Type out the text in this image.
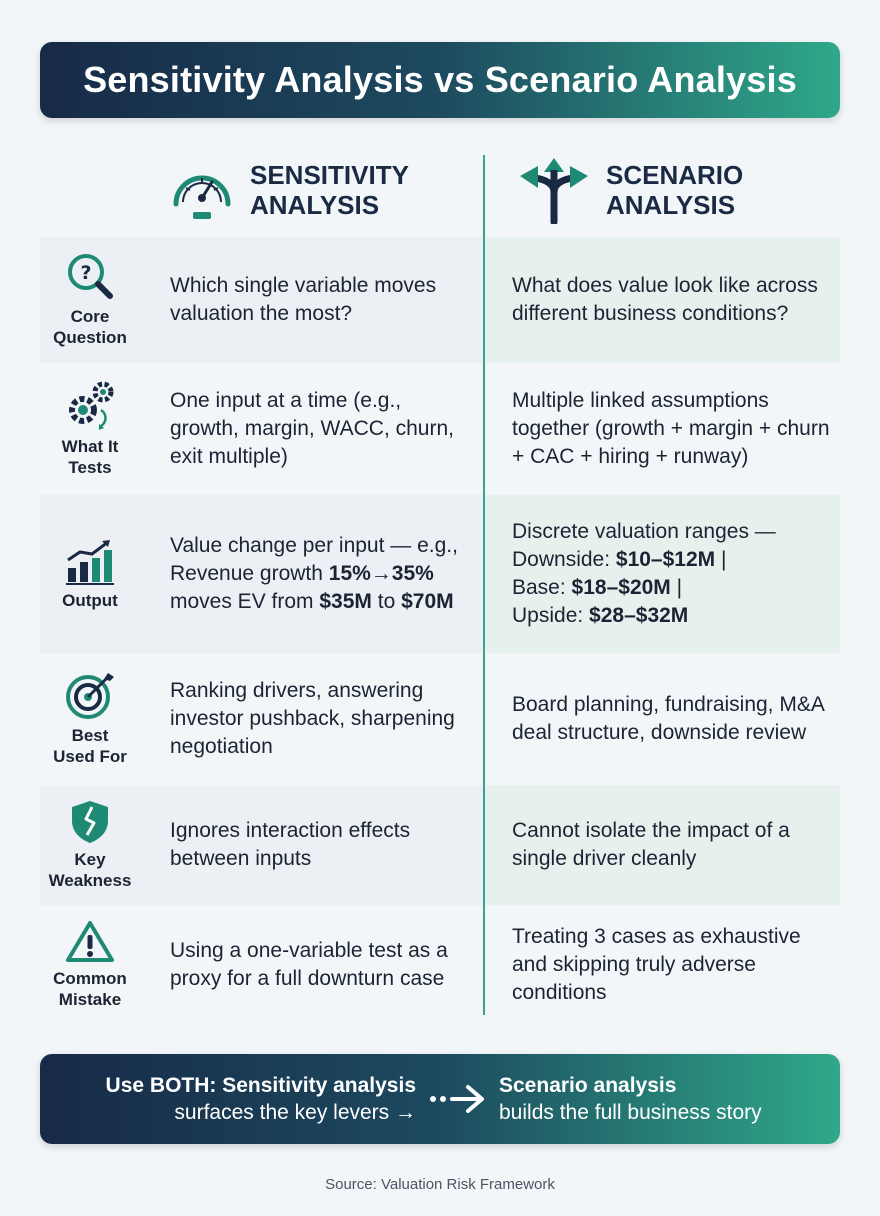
Sensitivity Analysis vs Scenario Analysis
SENSITIVITY
ANALYSIS
SCENARIO
ANALYSIS
?
Core
Question

Which single variable moves valuation the most?

What does value look like across different business conditions?

What It
Tests

One input at a time (e.g., growth, margin, WACC, churn, exit multiple)

Multiple linked assumptions together (growth + margin + churn + CAC + hiring + runway)

Output

Value change per input — e.g., Revenue growth 15%→35% moves EV from $35M to $70M

Discrete valuation ranges —
Downside: $10–$12M |
Base: $18–$20M |
Upside: $28–$32M

Best
Used For

Ranking drivers, answering investor pushback, sharpening negotiation

Board planning, fundraising, M&A deal structure, downside review

Key
Weakness

Ignores interaction effects between inputs

Cannot isolate the impact of a single driver cleanly

Common
Mistake

Using a one-variable test as a proxy for a full downturn case

Treating 3 cases as exhaustive and skipping truly adverse conditions

Use BOTH: Sensitivity analysis
surfaces the key levers →
Scenario analysis
builds the full business story
Source: Valuation Risk Framework
